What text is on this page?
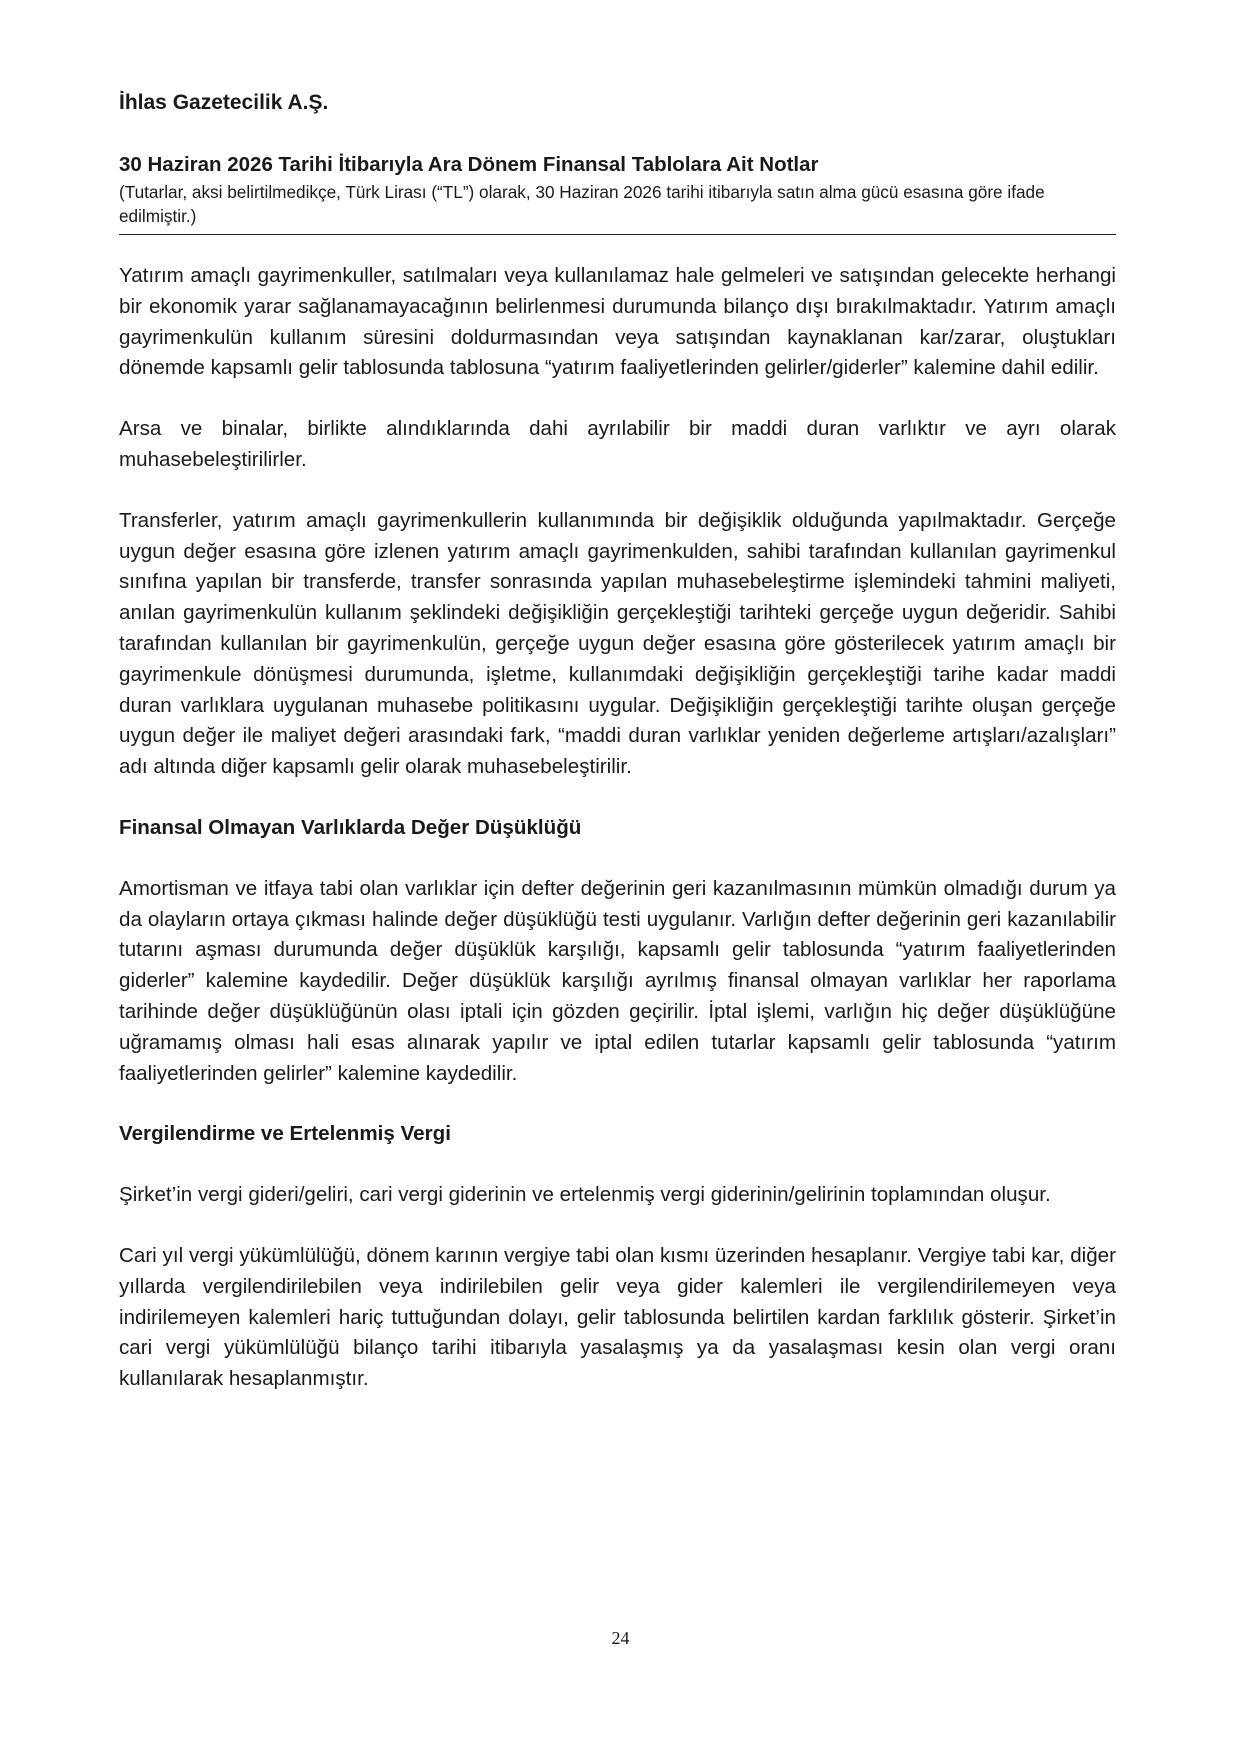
İhlas Gazetecilik A.Ş.
30 Haziran 2026 Tarihi İtibarıyla Ara Dönem Finansal Tablolara Ait Notlar
(Tutarlar, aksi belirtilmedikçe, Türk Lirası (“TL”) olarak, 30 Haziran 2026 tarihi itibarıyla satın alma gücü esasına göre ifade edilmiştir.)

Yatırım amaçlı gayrimenkuller, satılmaları veya kullanılamaz hale gelmeleri ve satışından gelecekte herhangi bir ekonomik yarar sağlanamayacağının belirlenmesi durumunda bilanço dışı bırakılmaktadır. Yatırım amaçlı gayrimenkulün kullanım süresini doldurmasından veya satışından kaynaklanan kar/zarar, oluştukları dönemde kapsamlı gelir tablosunda tablosuna “yatırım faaliyetlerinden gelirler/giderler” kalemine dahil edilir.

Arsa ve binalar, birlikte alındıklarında dahi ayrılabilir bir maddi duran varlıktır ve ayrı olarak muhasebeleştirilirler.

Transferler, yatırım amaçlı gayrimenkullerin kullanımında bir değişiklik olduğunda yapılmaktadır. Gerçeğe uygun değer esasına göre izlenen yatırım amaçlı gayrimenkulden, sahibi tarafından kullanılan gayrimenkul sınıfına yapılan bir transferde, transfer sonrasında yapılan muhasebeleştirme işlemindeki tahmini maliyeti, anılan gayrimenkulün kullanım şeklindeki değişikliğin gerçekleştiği tarihteki gerçeğe uygun değeridir. Sahibi tarafından kullanılan bir gayrimenkulün, gerçeğe uygun değer esasına göre gösterilecek yatırım amaçlı bir gayrimenkule dönüşmesi durumunda, işletme, kullanımdaki değişikliğin gerçekleştiği tarihe kadar maddi duran varlıklara uygulanan muhasebe politikasını uygular. Değişikliğin gerçekleştiği tarihte oluşan gerçeğe uygun değer ile maliyet değeri arasındaki fark, “maddi duran varlıklar yeniden değerleme artışları/azalışları” adı altında diğer kapsamlı gelir olarak muhasebeleştirilir.

Finansal Olmayan Varlıklarda Değer Düşüklüğü

Amortisman ve itfaya tabi olan varlıklar için defter değerinin geri kazanılmasının mümkün olmadığı durum ya da olayların ortaya çıkması halinde değer düşüklüğü testi uygulanır. Varlığın defter değerinin geri kazanılabilir tutarını aşması durumunda değer düşüklük karşılığı, kapsamlı gelir tablosunda “yatırım faaliyetlerinden giderler” kalemine kaydedilir. Değer düşüklük karşılığı ayrılmış finansal olmayan varlıklar her raporlama tarihinde değer düşüklüğünün olası iptali için gözden geçirilir. İptal işlemi, varlığın hiç değer düşüklüğüne uğramamış olması hali esas alınarak yapılır ve iptal edilen tutarlar kapsamlı gelir tablosunda “yatırım faaliyetlerinden gelirler” kalemine kaydedilir.

Vergilendirme ve Ertelenmiş Vergi

Şirket’in vergi gideri/geliri, cari vergi giderinin ve ertelenmiş vergi giderinin/gelirinin toplamından oluşur.

Cari yıl vergi yükümlülüğü, dönem karının vergiye tabi olan kısmı üzerinden hesaplanır. Vergiye tabi kar, diğer yıllarda vergilendirilebilen veya indirilebilen gelir veya gider kalemleri ile vergilendirilemeyen veya indirilemeyen kalemleri hariç tuttuğundan dolayı, gelir tablosunda belirtilen kardan farklılık gösterir. Şirket’in cari vergi yükümlülüğü bilanço tarihi itibarıyla yasalaşmış ya da yasalaşması kesin olan vergi oranı kullanılarak hesaplanmıştır.

24
